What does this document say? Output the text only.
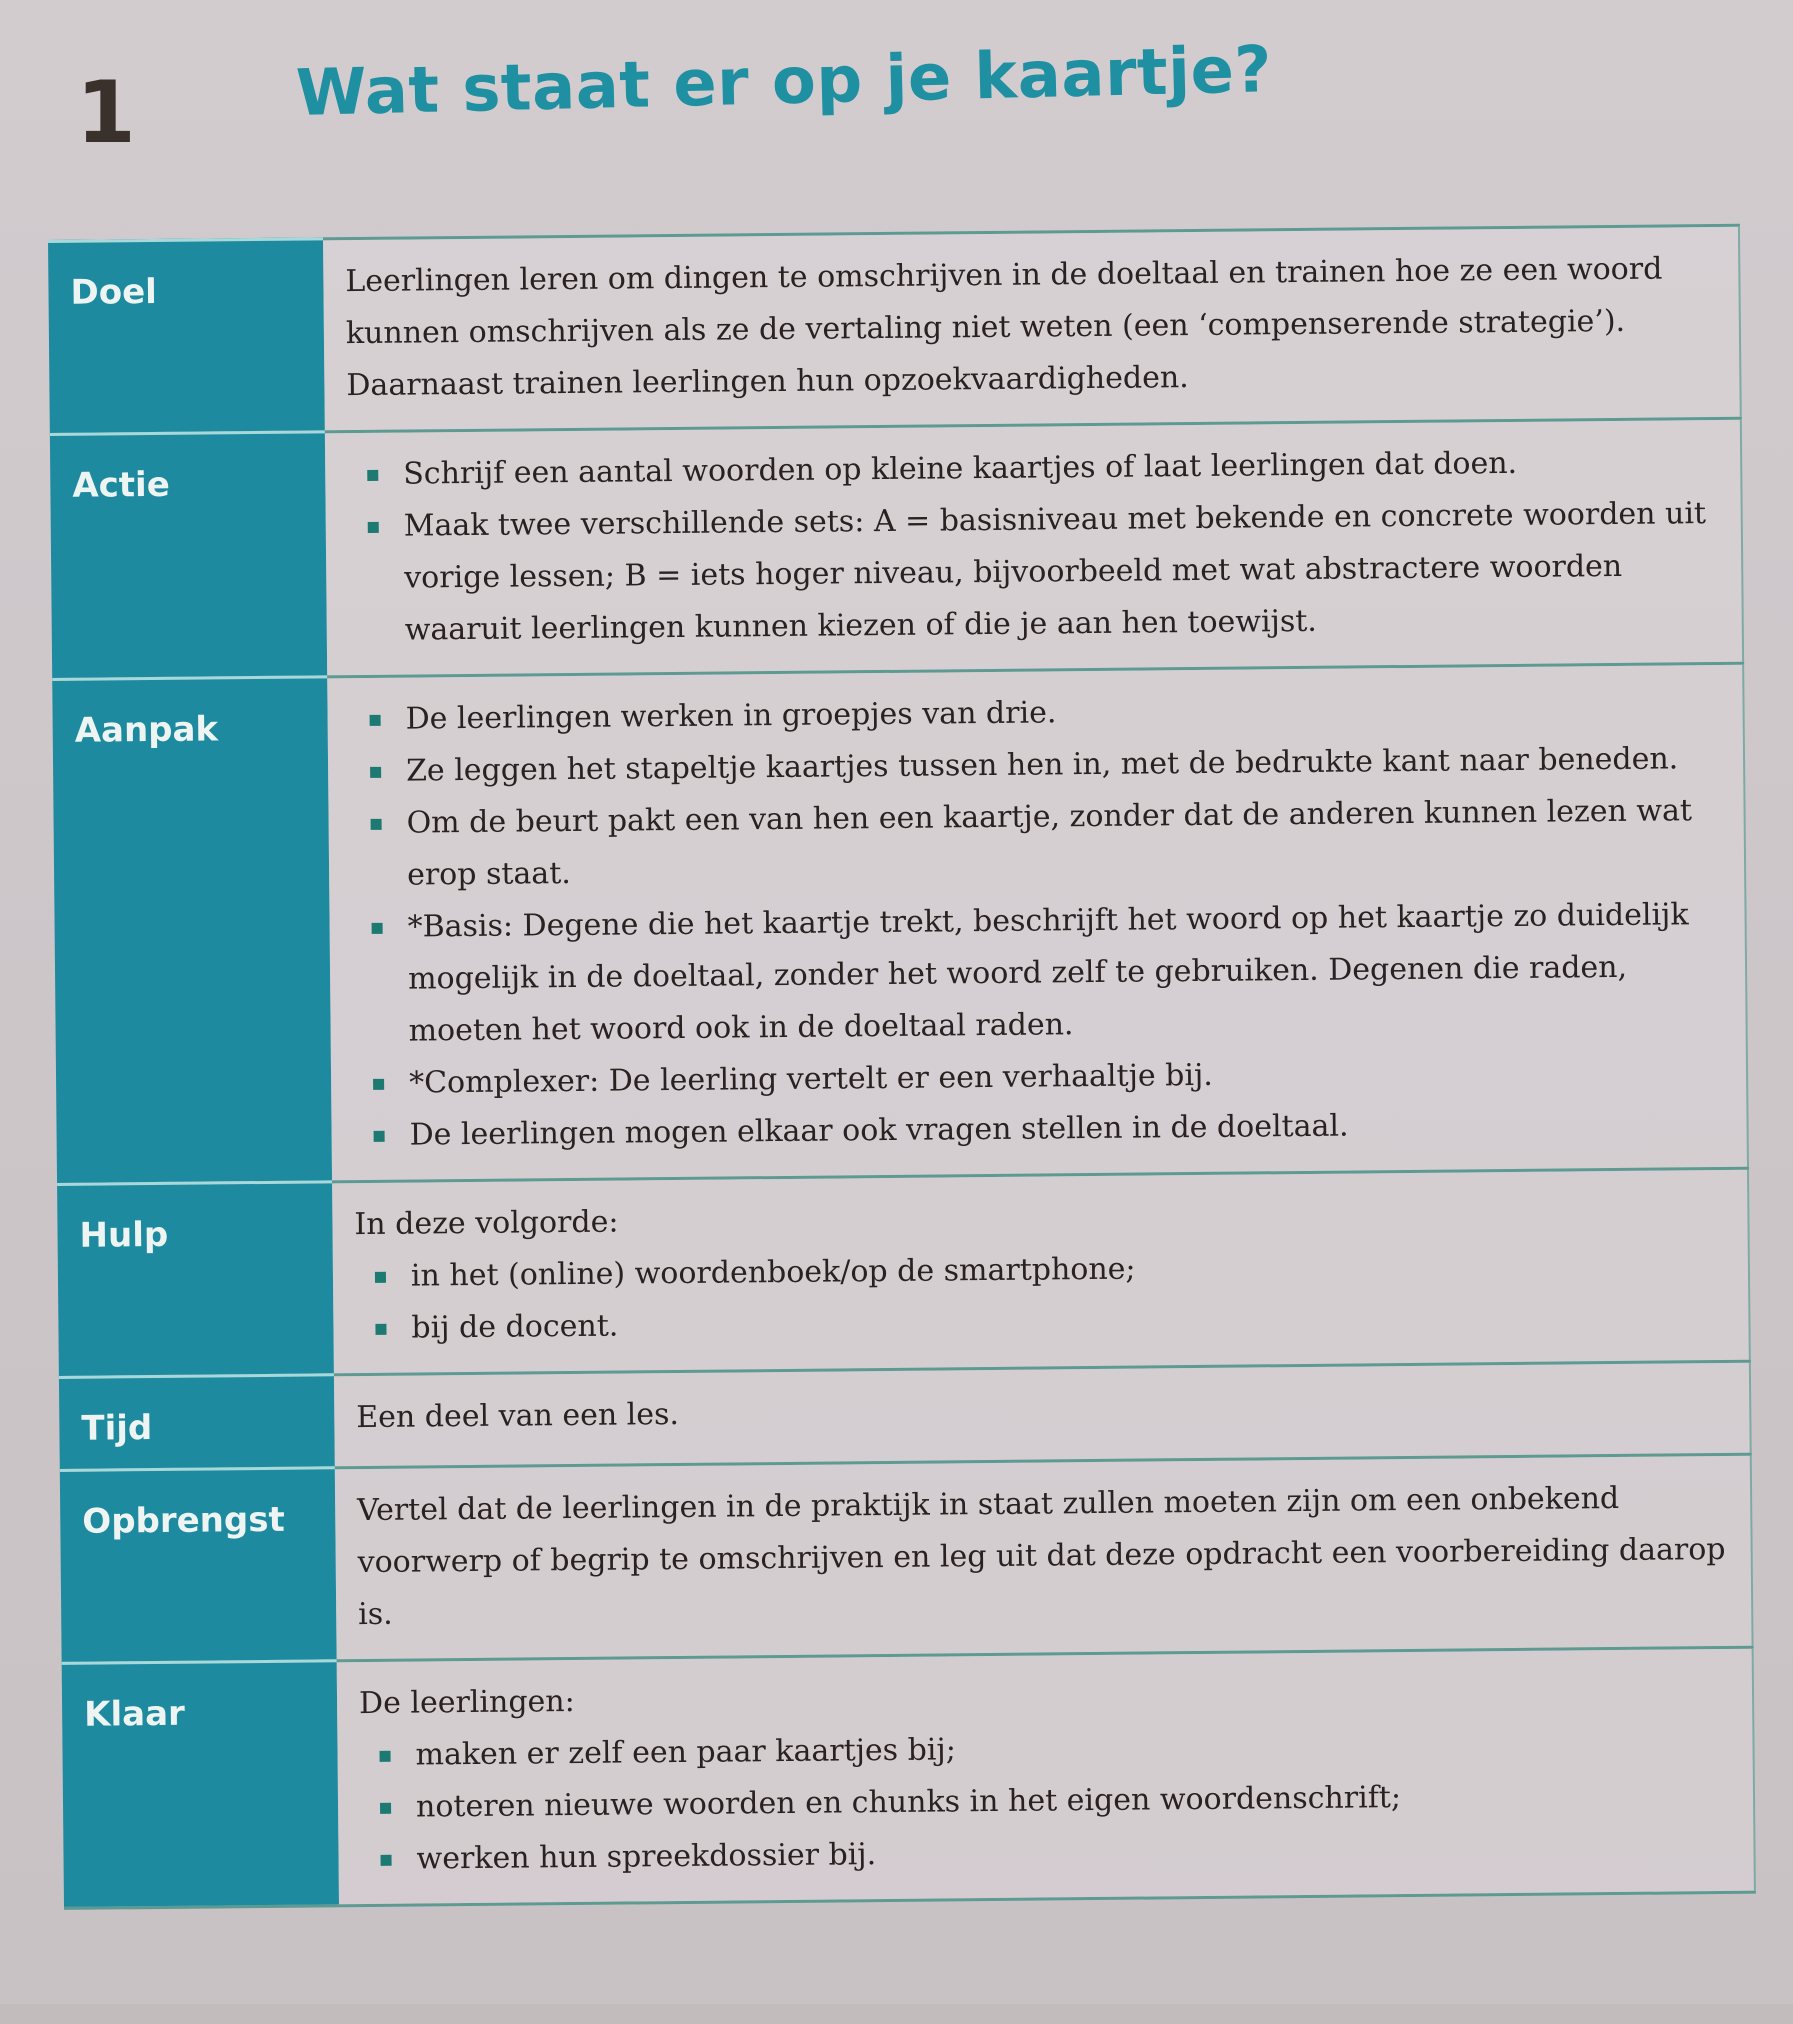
1 Wat staat er op je kaartje?
Doel	Leerlingen leren om dingen te omschrijven in de doeltaal en trainen hoe ze een woord kunnen omschrijven als ze de vertaling niet weten (een ‘compenserende strategie’). Daarnaast trainen leerlingen hun opzoekvaardigheden.

Actie	Schrijf een aantal woorden op kleine kaartjes of laat leerlingen dat doen.
Maak twee verschillende sets: A = basisniveau met bekende en concrete woorden uit vorige lessen; B = iets hoger niveau, bijvoorbeeld met wat abstractere woorden waaruit leerlingen kunnen kiezen of die je aan hen toewijst.
Aanpak	De leerlingen werken in groepjes van drie.
Ze leggen het stapeltje kaartjes tussen hen in, met de bedrukte kant naar beneden.
Om de beurt pakt een van hen een kaartje, zonder dat de anderen kunnen lezen wat erop staat.
*Basis: Degene die het kaartje trekt, beschrijft het woord op het kaartje zo duidelijk mogelijk in de doeltaal, zonder het woord zelf te gebruiken. Degenen die raden, moeten het woord ook in de doeltaal raden.
*Complexer: De leerling vertelt er een verhaaltje bij.
De leerlingen mogen elkaar ook vragen stellen in de doeltaal.
Hulp	In deze volgorde:
in het (online) woordenboek/op de smartphone;
bij de docent.
Tijd	Een deel van een les.

Opbrengst	Vertel dat de leerlingen in de praktijk in staat zullen moeten zijn om een onbekend voorwerp of begrip te omschrijven en leg uit dat deze opdracht een voorbereiding daarop is.

Klaar	De leerlingen:
maken er zelf een paar kaartjes bij;
noteren nieuwe woorden en chunks in het eigen woordenschrift;
werken hun spreekdossier bij.
